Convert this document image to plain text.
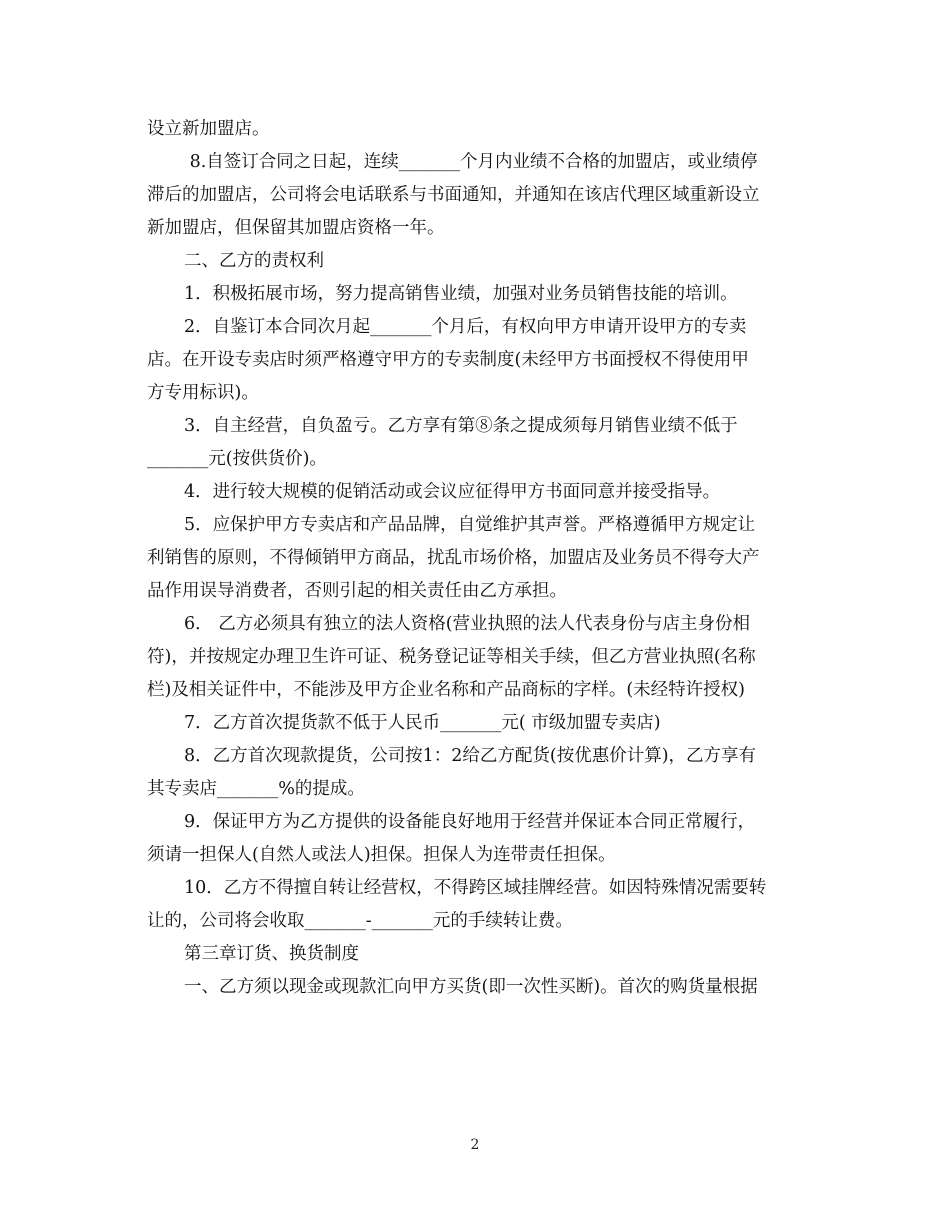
设立新加盟店。
8.自签订合同之日起，连续_______个月内业绩不合格的加盟店，或业绩停
滞后的加盟店，公司将会电话联系与书面通知，并通知在该店代理区域重新设立
新加盟店，但保留其加盟店资格一年。
二、乙方的责权利
1．积极拓展市场，努力提高销售业绩，加强对业务员销售技能的培训。
2．自鉴订本合同次月起_______个月后，有权向甲方申请开设甲方的专卖
店。在开设专卖店时须严格遵守甲方的专卖制度(未经甲方书面授权不得使用甲
方专用标识)。
3．自主经营，自负盈亏。乙方享有第⑧条之提成须每月销售业绩不低于
_______元(按供货价)。
4．进行较大规模的促销活动或会议应征得甲方书面同意并接受指导。
5．应保护甲方专卖店和产品品牌，自觉维护其声誉。严格遵循甲方规定让
利销售的原则，不得倾销甲方商品，扰乱市场价格，加盟店及业务员不得夸大产
品作用误导消费者，否则引起的相关责任由乙方承担。
6． 乙方必须具有独立的法人资格(营业执照的法人代表身份与店主身份相
符)，并按规定办理卫生许可证、税务登记证等相关手续，但乙方营业执照(名称
栏)及相关证件中，不能涉及甲方企业名称和产品商标的字样。(未经特许授权)
7．乙方首次提货款不低于人民币_______元( 市级加盟专卖店)
8．乙方首次现款提货，公司按1：2给乙方配货(按优惠价计算)，乙方享有
其专卖店_______%的提成。
9．保证甲方为乙方提供的设备能良好地用于经营并保证本合同正常履行，
须请一担保人(自然人或法人)担保。担保人为连带责任担保。
10．乙方不得擅自转让经营权，不得跨区域挂牌经营。如因特殊情况需要转
让的，公司将会收取_______-_______元的手续转让费。
第三章订货、换货制度
一、乙方须以现金或现款汇向甲方买货(即一次性买断)。首次的购货量根据
2
